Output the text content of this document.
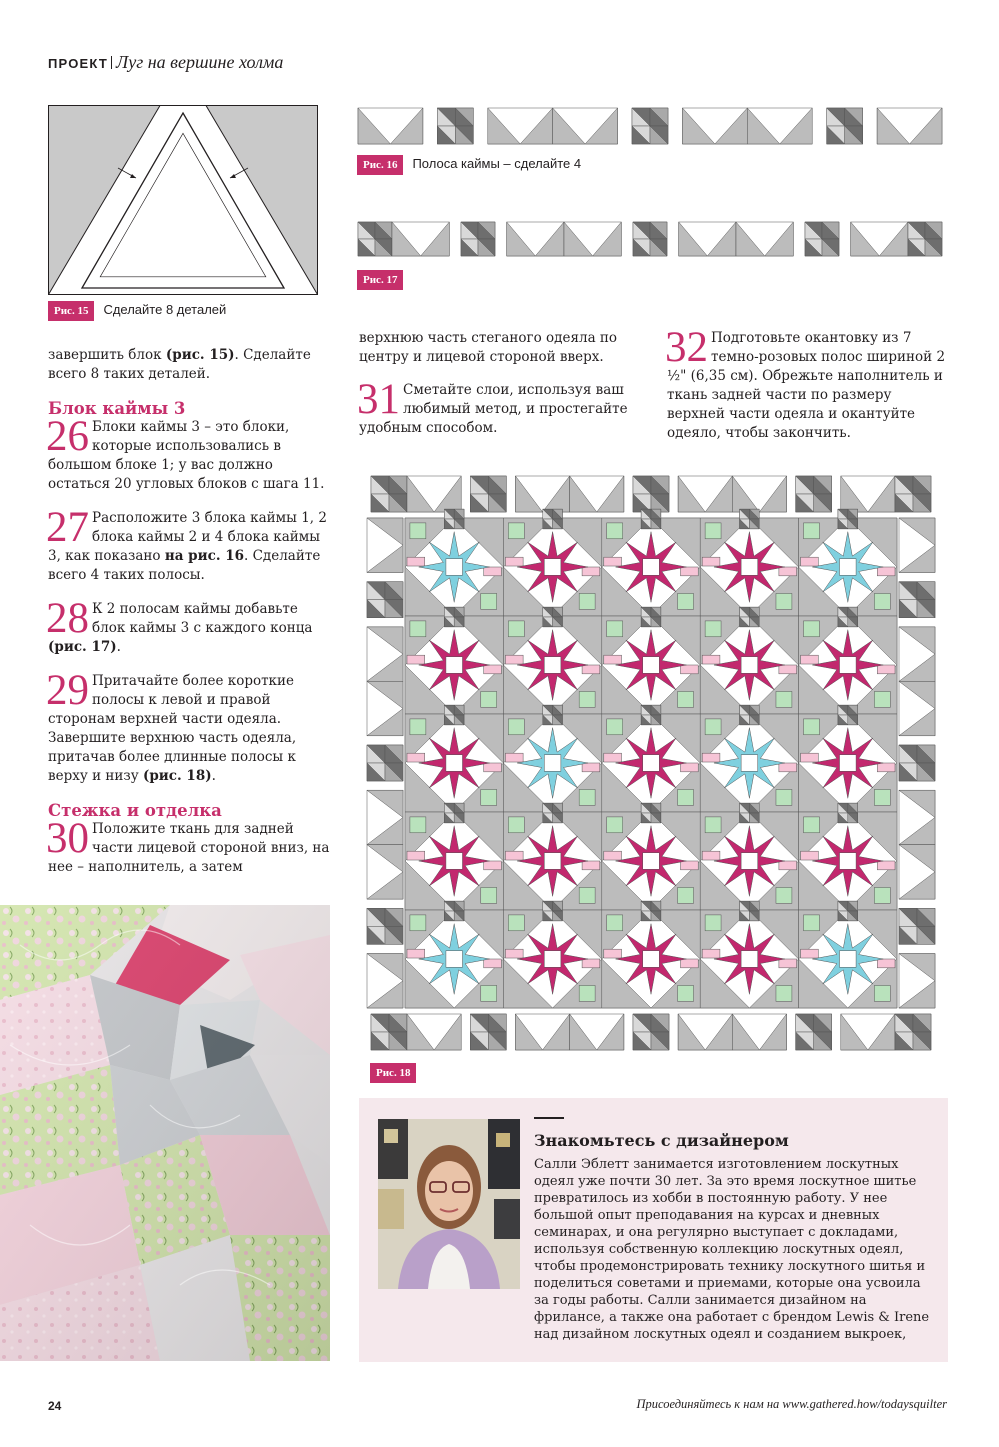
ПРОЕКТ Луг на вершине холма
Рис. 15 Сделайте 8 деталей
Рис. 16 Полоса каймы – сделайте 4
Рис. 17
завершить блок (рис. 15). Сделайте всего 8 таких деталей.
Блок каймы 3
26 Блоки каймы 3 – это блоки, которые использовались в большом блоке 1; у вас должно остаться 20 угловых блоков с шага 11.
27 Расположите 3 блока каймы 1, 2 блока каймы 2 и 4 блока каймы 3, как показано на рис. 16. Сделайте всего 4 таких полосы.
28 К 2 полосам каймы добавьте блок каймы 3 с каждого конца (рис. 17).
29 Притачайте более короткие полосы к левой и правой сторонам верхней части одеяла. Завершите верхнюю часть одеяла, притачав более длинные полосы к верху и низу (рис. 18).
Стежка и отделка
30 Положите ткань для задней части лицевой стороной вниз, на нее – наполнитель, а затем
верхнюю часть стеганого одеяла по центру и лицевой стороной вверх.
31 Сметайте слои, используя ваш любимый метод, и простегайте удобным способом.
32 Подготовьте окантовку из 7 темно-розовых полос шириной 2 ½" (6,35 см). Обрежьте наполнитель и ткань задней части по размеру верхней части одеяла и окантуйте одеяло, чтобы закончить.
Рис. 18
Знакомьтесь с дизайнером
Салли Эблетт занимается изготовлением лоскутных одеял уже почти 30 лет. За это время лоскутное шитье превратилось из хобби в постоянную работу. У нее большой опыт преподавания на курсах и дневных семинарах, и она регулярно выступает с докладами, используя собственную коллекцию лоскутных одеял, чтобы продемонстрировать технику лоскутного шитья и поделиться советами и приемами, которые она усвоила
за годы работы. Салли занимается дизайном на фрилансе, а также она работает с брендом Lewis & Irene над дизайном лоскутных одеял и созданием выкроек,
24	Присоединяйтесь к нам на www.gathered.how/todaysquilter
